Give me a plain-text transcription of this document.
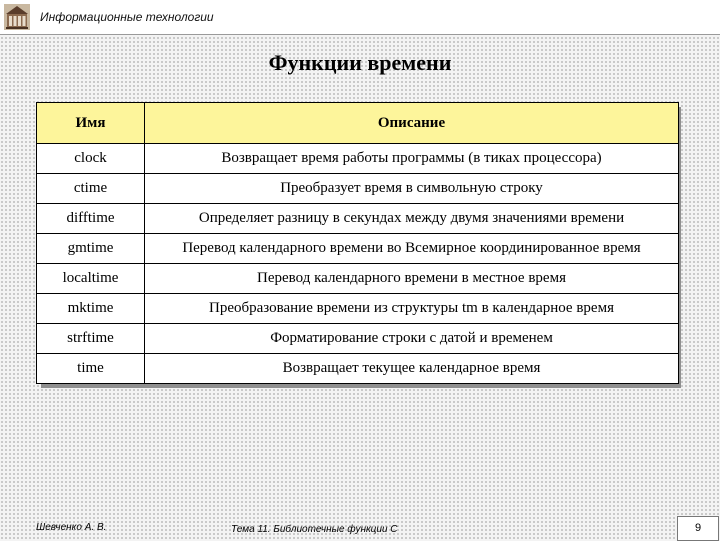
Информационные технологии
Функции времени
Имя	Описание
clock	Возвращает время работы программы (в тиках процессора)
ctime	Преобразует время в символьную строку
difftime	Определяет разницу в секундах между двумя значениями времени
gmtime	Перевод календарного времени во Всемирное координированное время
localtime	Перевод календарного времени в местное время
mktime	Преобразование времени из структуры tm в календарное время
strftime	Форматирование строки с датой и временем
time	Возвращает текущее календарное время
Шевченко А. В.	Тема 11. Библиотечные функции С	9
